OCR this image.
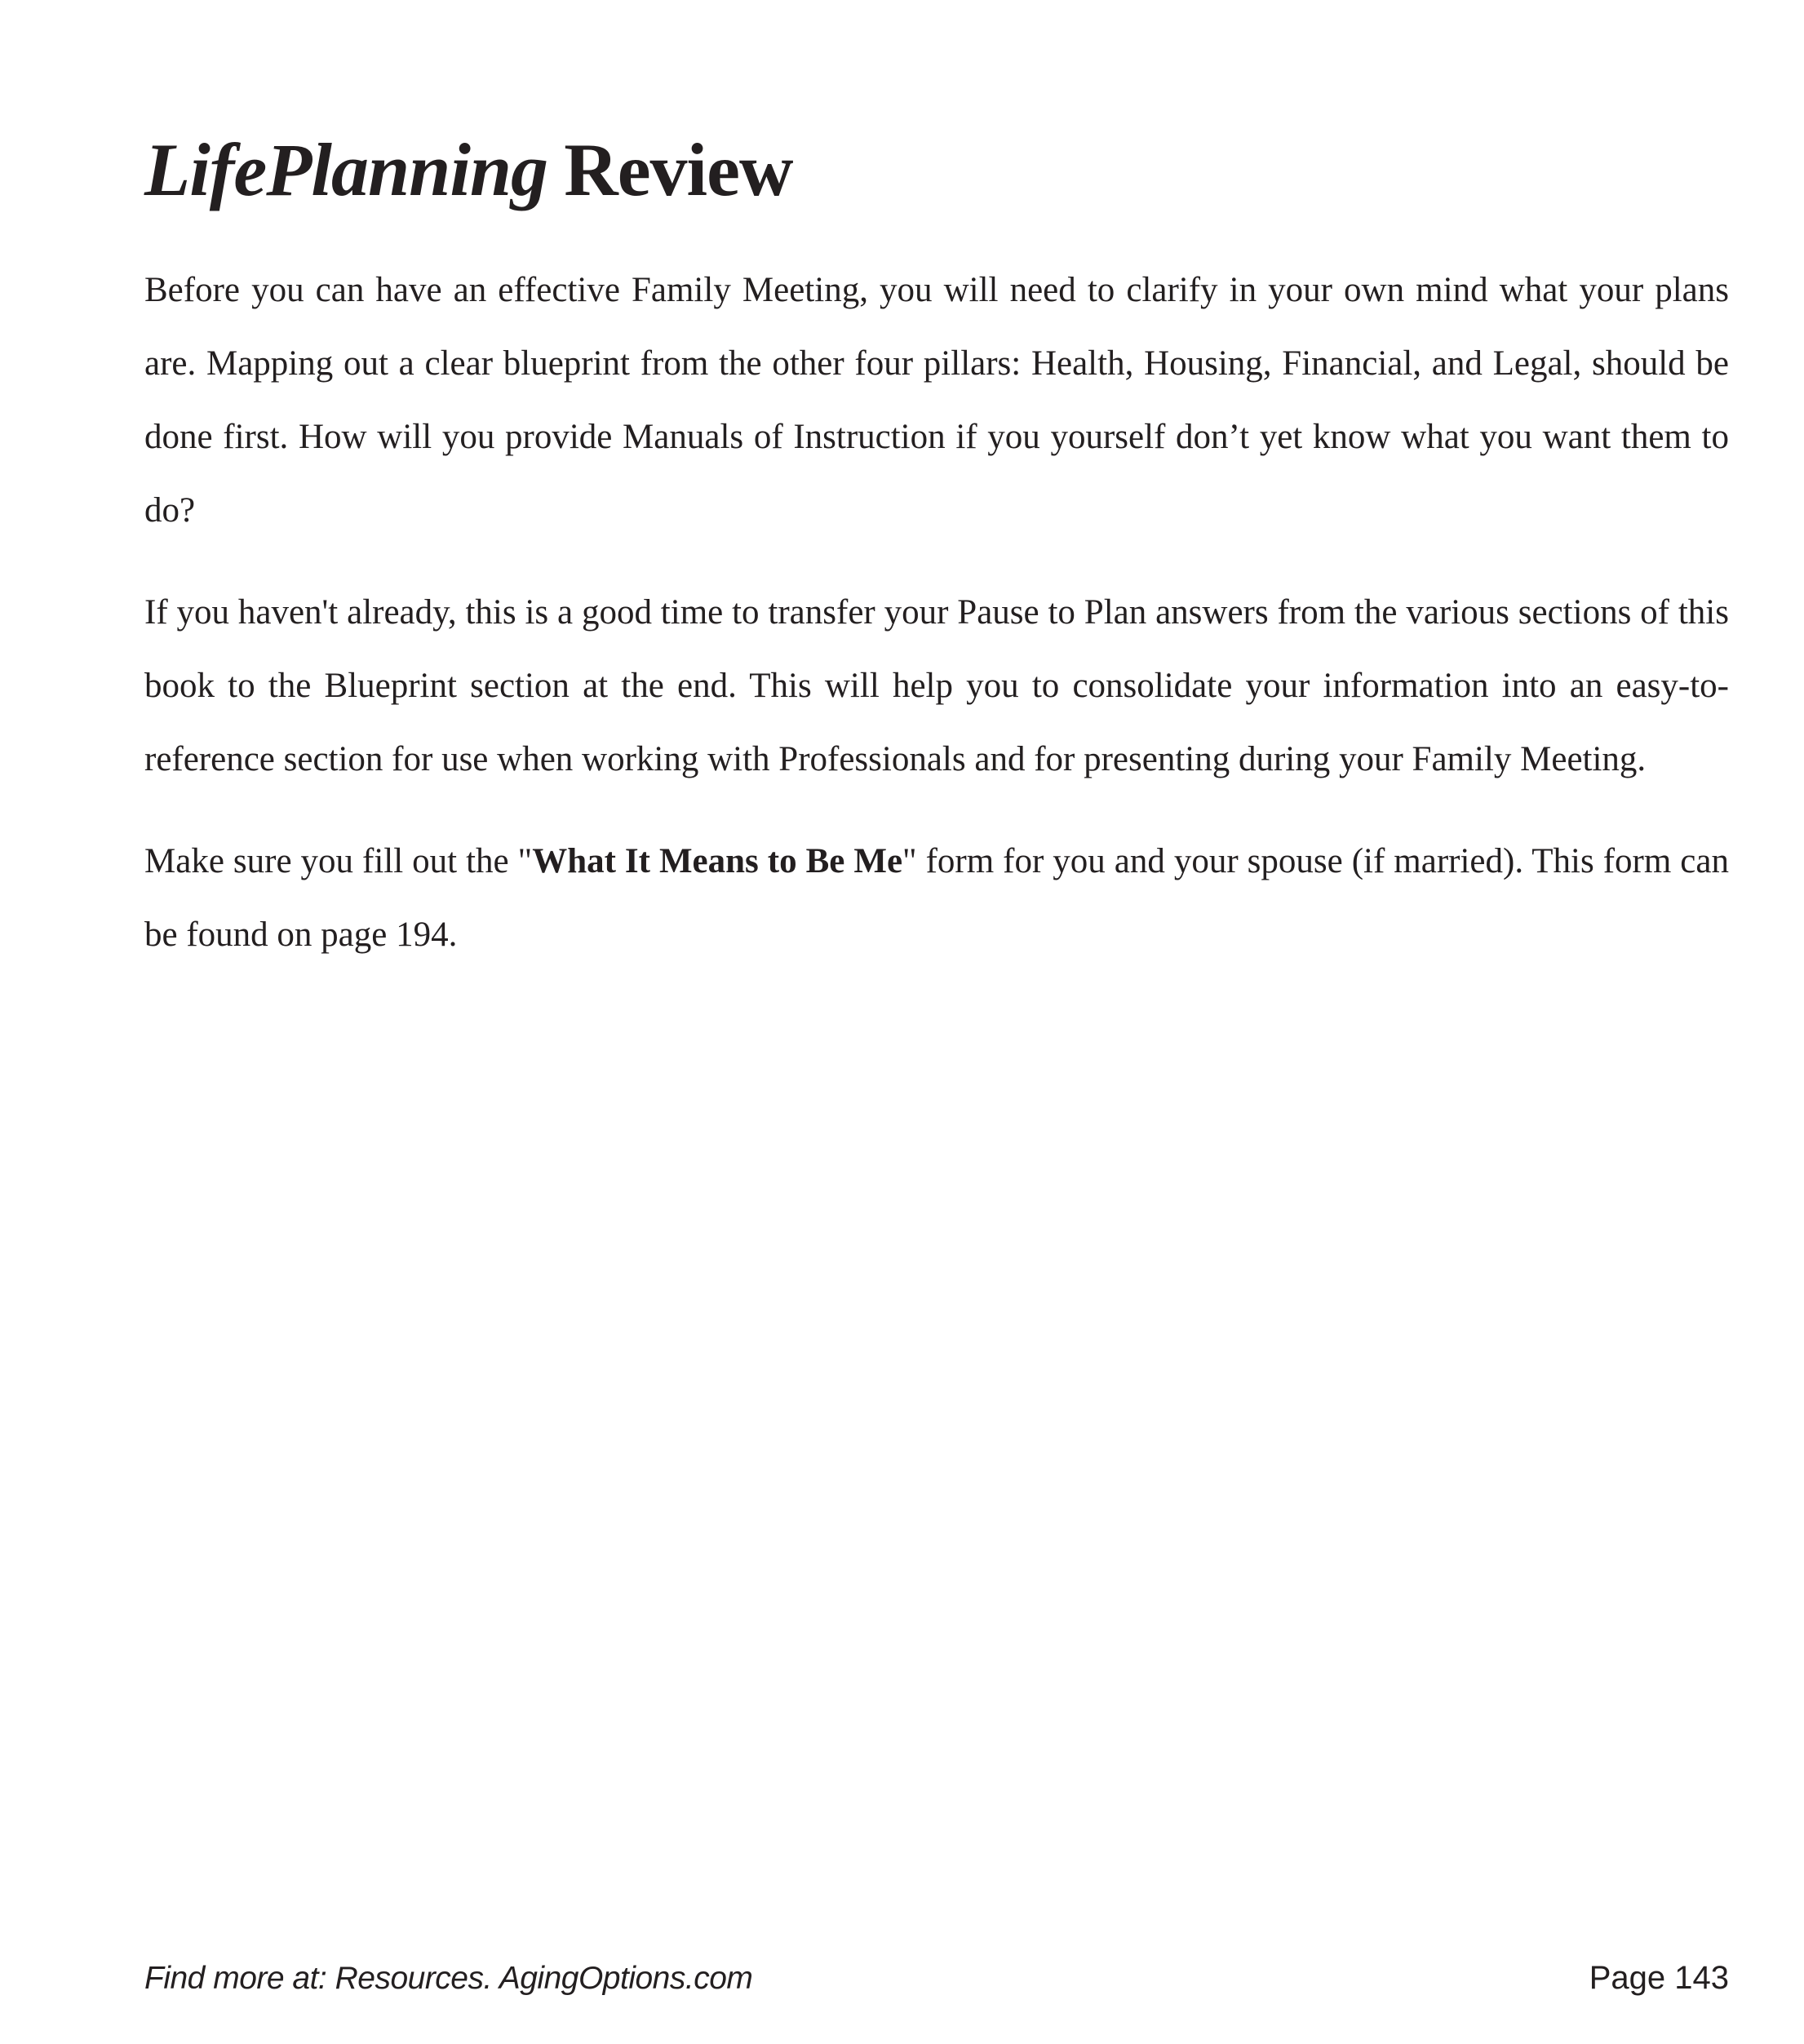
LifePlanning Review

Before you can have an effective Family Meeting, you will need to clarify in your own mind what your plans are. Mapping out a clear blueprint from the other four pillars: Health, Housing, Financial, and Legal, should be done first. How will you provide Manuals of Instruction if you yourself don’t yet know what you want them to do?

If you haven't already, this is a good time to transfer your Pause to Plan answers from the various sections of this book to the Blueprint section at the end. This will help you to consolidate your information into an easy-to-reference section for use when working with Professionals and for presenting during your Family Meeting.

Make sure you fill out the "What It Means to Be Me" form for you and your spouse (if married). This form can be found on page 194.

Find more at: Resources. AgingOptions.com	Page 143
